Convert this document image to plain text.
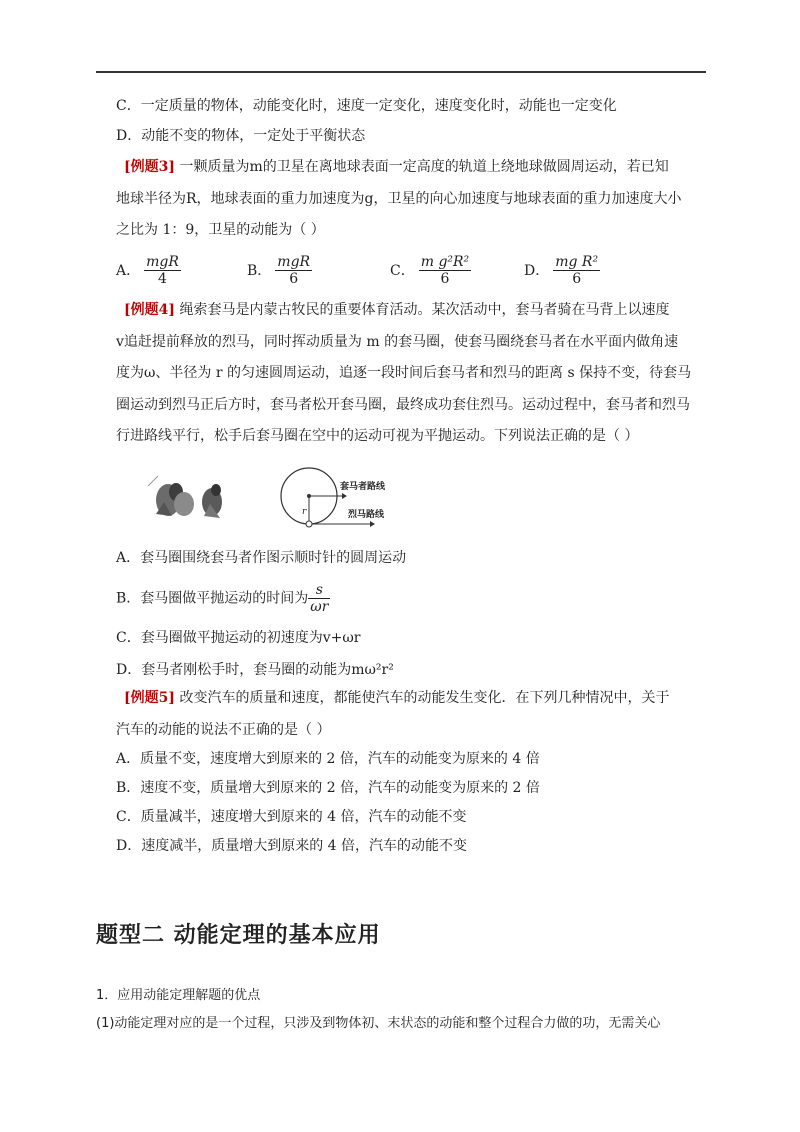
C．一定质量的物体，动能变化时，速度一定变化，速度变化时，动能也一定变化
D．动能不变的物体，一定处于平衡状态
[例题3] 一颗质量为m的卫星在离地球表面一定高度的轨道上绕地球做圆周运动，若已知
地球半径为R，地球表面的重力加速度为g，卫星的向心加速度与地球表面的重力加速度大小
之比为 1：9，卫星的动能为（ ）
A． $\frac{\text{mgR}}{4}$	B． $\frac{\text{mgR}}{6}$	C． $\frac{\text{m g²R²}}{6}$	D． $\frac{\text{mg R²}}{6}$
[例题4] 绳索套马是内蒙古牧民的重要体育活动。某次活动中，套马者骑在马背上以速度
v追赶提前释放的烈马，同时挥动质量为 m 的套马圈，使套马圈绕套马者在水平面内做角速
度为ω、半径为 r 的匀速圆周运动，追逐一段时间后套马者和烈马的距离 s 保持不变，待套马
圈运动到烈马正后方时，套马者松开套马圈，最终成功套住烈马。运动过程中，套马者和烈马
行进路线平行，松手后套马圈在空中的运动可视为平抛运动。下列说法正确的是（ ）
r
套马者路线
烈马路线
A．套马圈围绕套马者作图示顺时针的圆周运动
B．套马圈做平抛运动的时间为 $\frac{s}{\omega r}$
C．套马圈做平抛运动的初速度为v+ωr
D．套马者刚松手时，套马圈的动能为mω²r²
[例题5] 改变汽车的质量和速度，都能使汽车的动能发生变化．在下列几种情况中，关于
汽车的动能的说法不正确的是（ ）
A．质量不变，速度增大到原来的 2 倍，汽车的动能变为原来的 4 倍
B．速度不变，质量增大到原来的 2 倍，汽车的动能变为原来的 2 倍
C．质量减半，速度增大到原来的 4 倍，汽车的动能不变
D．速度减半，质量增大到原来的 4 倍，汽车的动能不变
题型二 动能定理的基本应用
1．应用动能定理解题的优点
(1)动能定理对应的是一个过程，只涉及到物体初、末状态的动能和整个过程合力做的功，无需关心
